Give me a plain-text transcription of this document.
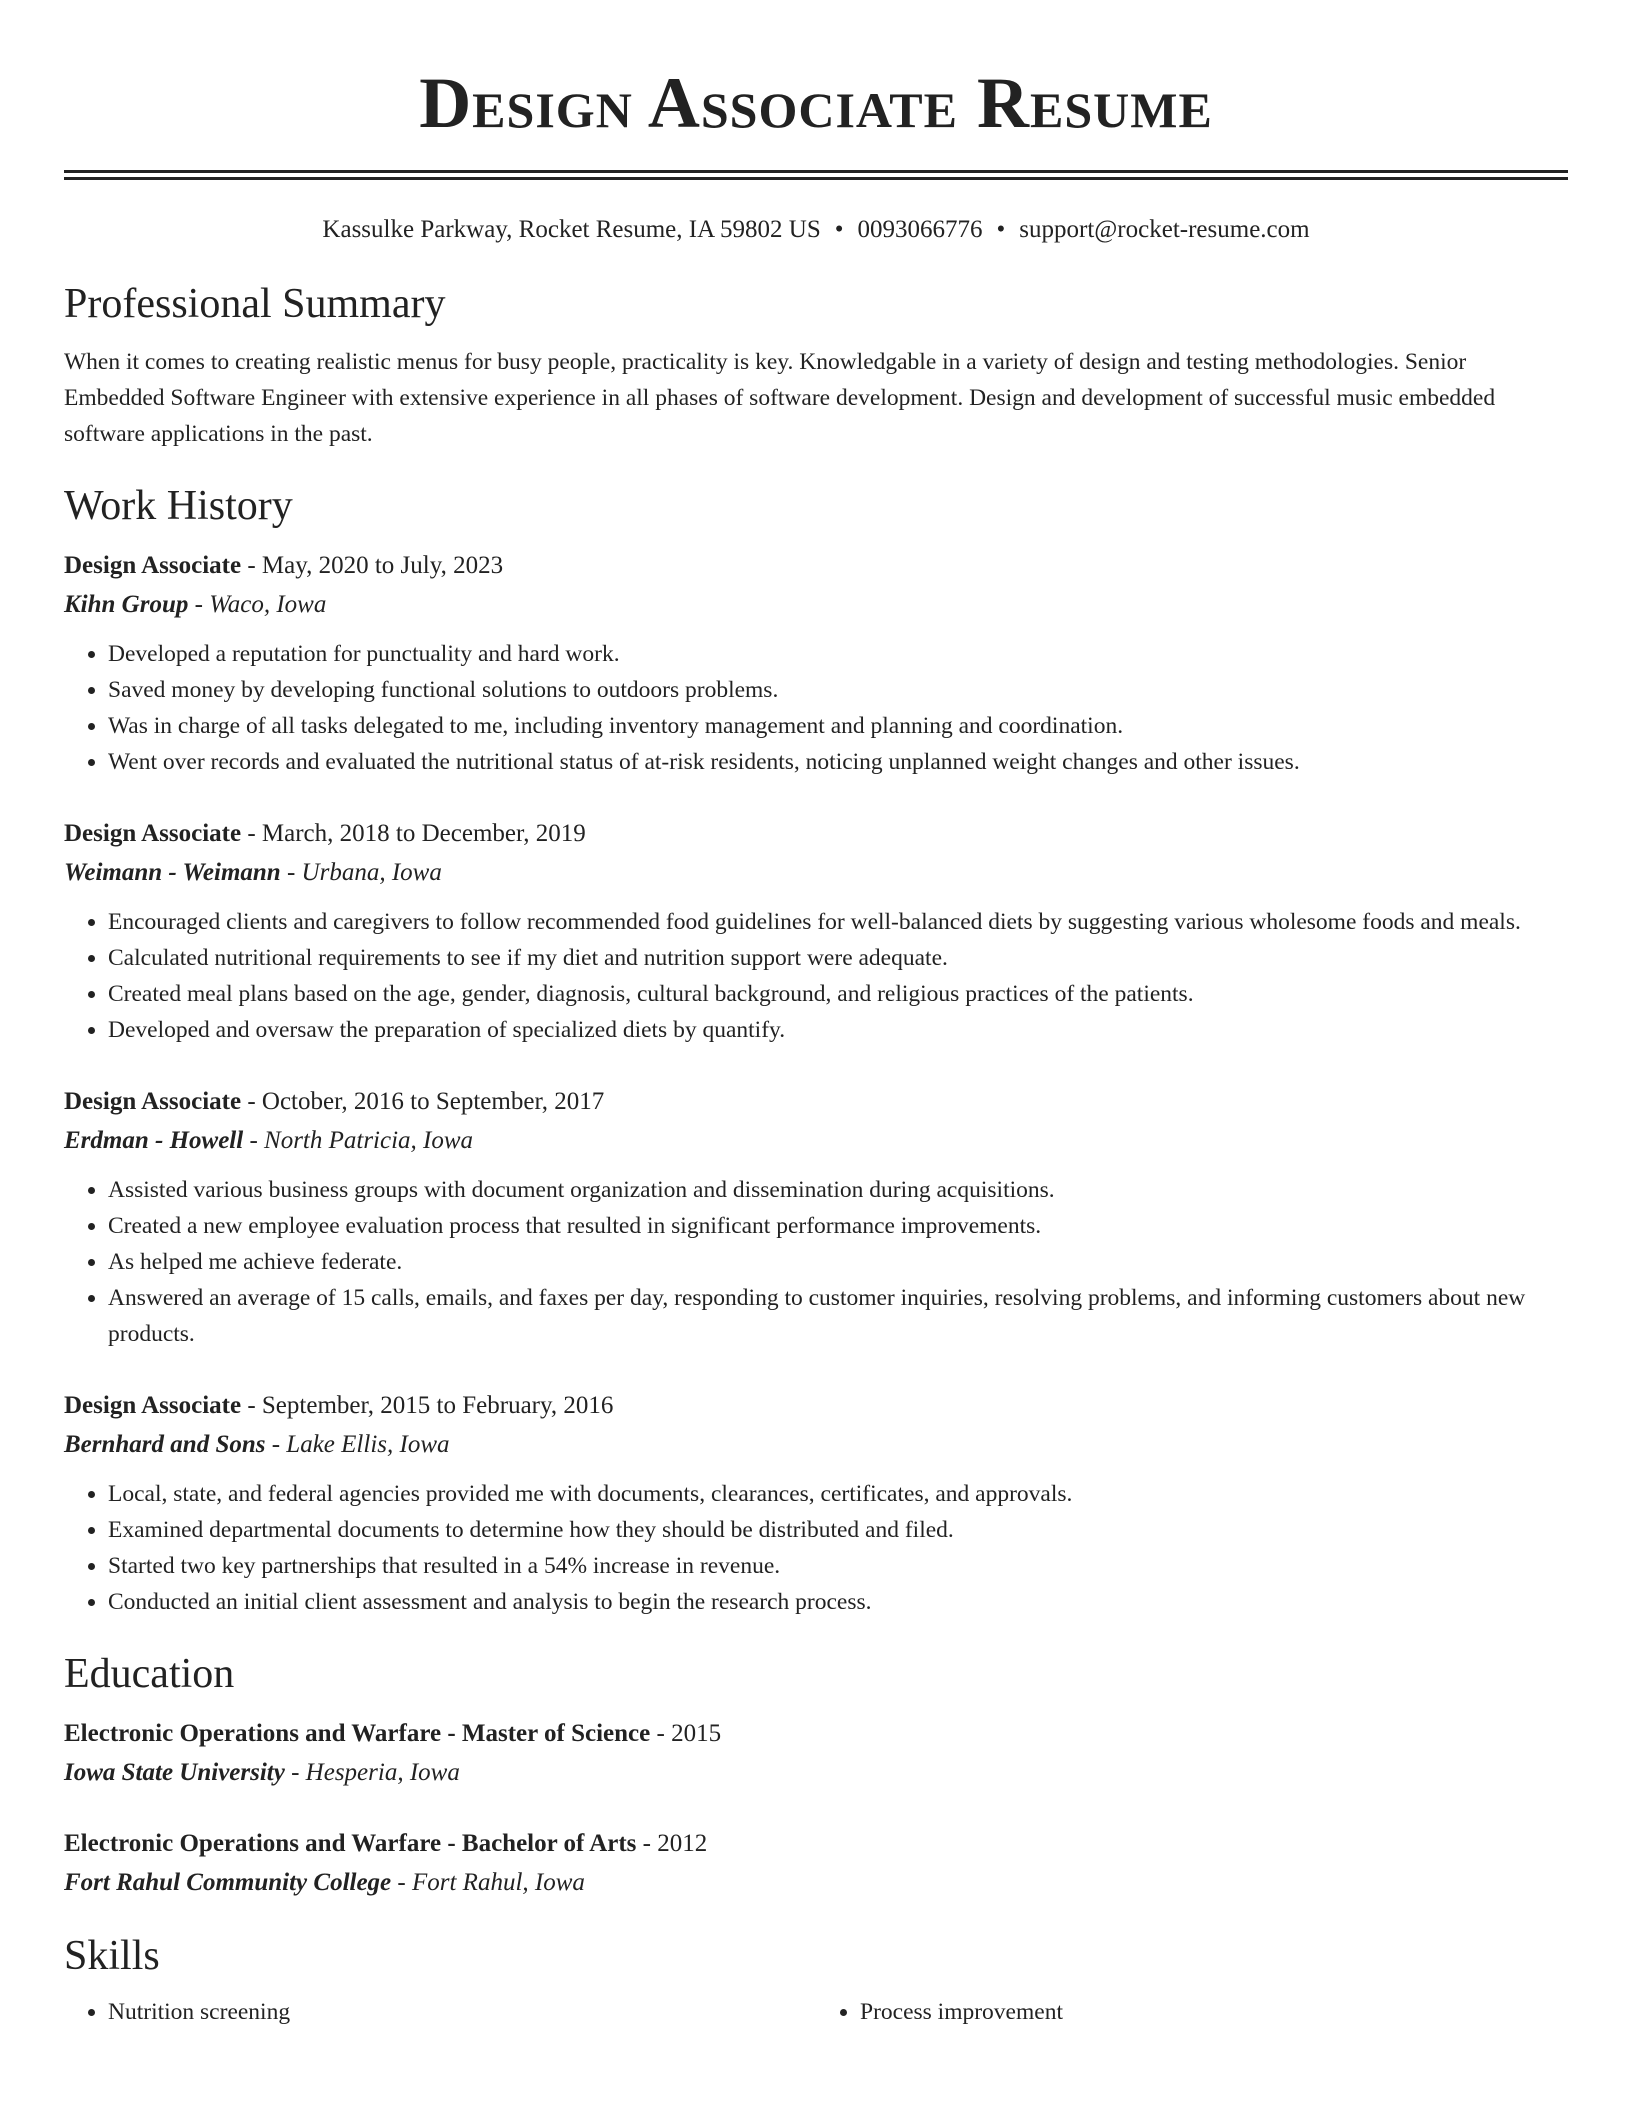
Design Associate Resume
Kassulke Parkway, Rocket Resume, IA 59802 US • 0093066776 • support@rocket-resume.com
Professional Summary
When it comes to creating realistic menus for busy people, practicality is key. Knowledgable in a variety of design and testing methodologies. Senior Embedded Software Engineer with extensive experience in all phases of software development. Design and development of successful music embedded software applications in the past.
Work History
Design Associate - May, 2020 to July, 2023
Kihn Group - Waco, Iowa
• Developed a reputation for punctuality and hard work.
• Saved money by developing functional solutions to outdoors problems.
• Was in charge of all tasks delegated to me, including inventory management and planning and coordination.
• Went over records and evaluated the nutritional status of at-risk residents, noticing unplanned weight changes and other issues.
Design Associate - March, 2018 to December, 2019
Weimann - Weimann - Urbana, Iowa
• Encouraged clients and caregivers to follow recommended food guidelines for well-balanced diets by suggesting various wholesome foods and meals.
• Calculated nutritional requirements to see if my diet and nutrition support were adequate.
• Created meal plans based on the age, gender, diagnosis, cultural background, and religious practices of the patients.
• Developed and oversaw the preparation of specialized diets by quantify.
Design Associate - October, 2016 to September, 2017
Erdman - Howell - North Patricia, Iowa
• Assisted various business groups with document organization and dissemination during acquisitions.
• Created a new employee evaluation process that resulted in significant performance improvements.
• As helped me achieve federate.
• Answered an average of 15 calls, emails, and faxes per day, responding to customer inquiries, resolving problems, and informing customers about new products.
Design Associate - September, 2015 to February, 2016
Bernhard and Sons - Lake Ellis, Iowa
• Local, state, and federal agencies provided me with documents, clearances, certificates, and approvals.
• Examined departmental documents to determine how they should be distributed and filed.
• Started two key partnerships that resulted in a 54% increase in revenue.
• Conducted an initial client assessment and analysis to begin the research process.
Education
Electronic Operations and Warfare - Master of Science - 2015
Iowa State University - Hesperia, Iowa
Electronic Operations and Warfare - Bachelor of Arts - 2012
Fort Rahul Community College - Fort Rahul, Iowa
Skills
• Nutrition screening
•	Process improvement
